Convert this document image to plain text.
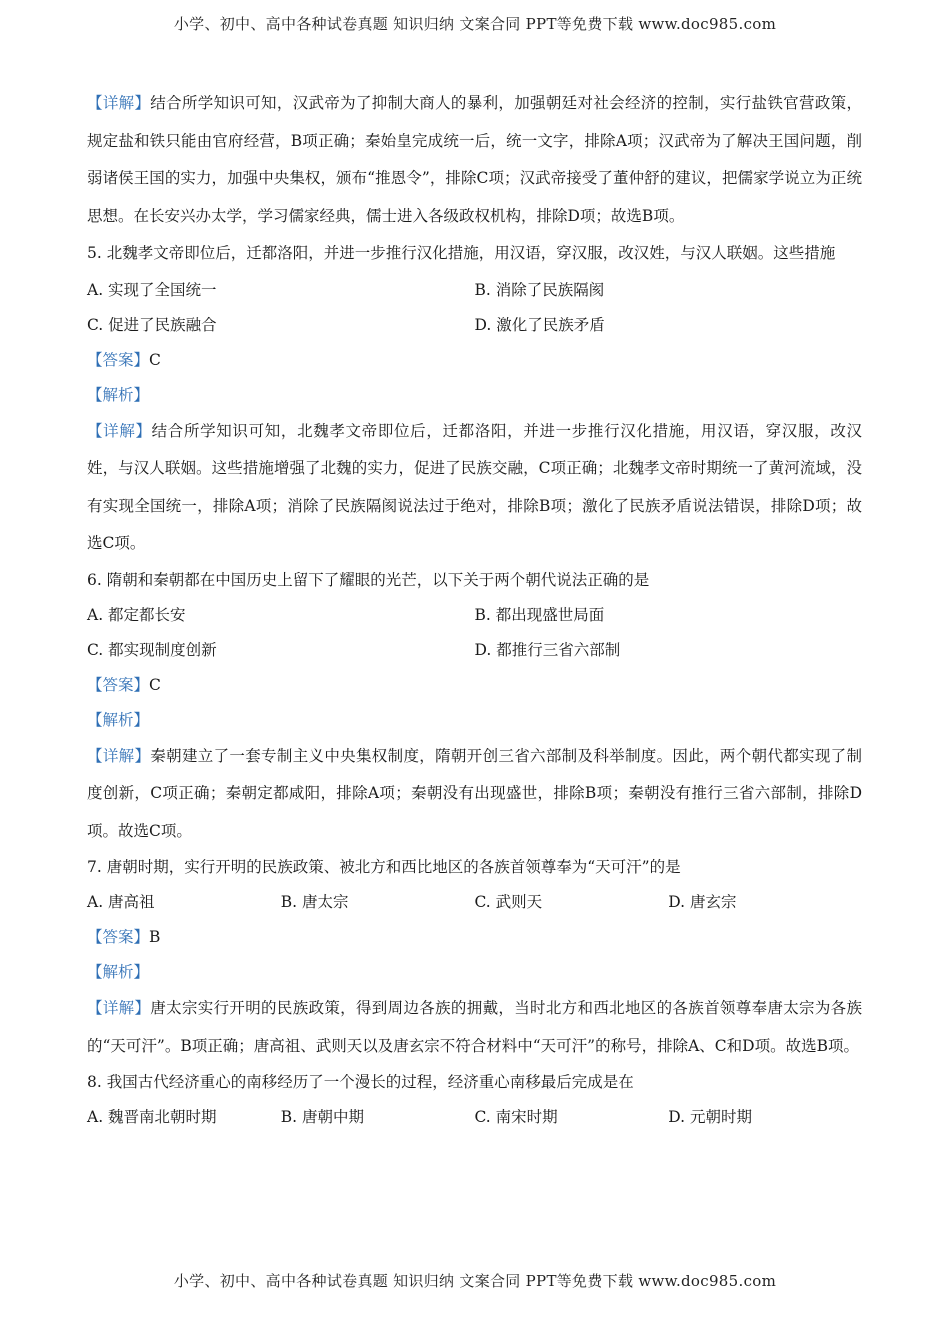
小学、初中、高中各种试卷真题 知识归纳 文案合同 PPT等免费下载 www.doc985.com
【详解】结合所学知识可知，汉武帝为了抑制大商人的暴利，加强朝廷对社会经济的控制，实行盐铁官营政策，规定盐和铁只能由官府经营，B项正确；秦始皇完成统一后，统一文字，排除A项；汉武帝为了解决王国问题，削弱诸侯王国的实力，加强中央集权，颁布“推恩令”，排除C项；汉武帝接受了董仲舒的建议，把儒家学说立为正统思想。在长安兴办太学，学习儒家经典，儒士进入各级政权机构，排除D项；故选B项。
5. 北魏孝文帝即位后，迁都洛阳，并进一步推行汉化措施，用汉语，穿汉服，改汉姓，与汉人联姻。这些措施
A. 实现了全国统一	B. 消除了民族隔阂
C. 促进了民族融合	D. 激化了民族矛盾
【答案】C
【解析】
【详解】结合所学知识可知，北魏孝文帝即位后，迁都洛阳，并进一步推行汉化措施，用汉语，穿汉服，改汉姓，与汉人联姻。这些措施增强了北魏的实力，促进了民族交融，C项正确；北魏孝文帝时期统一了黄河流域，没有实现全国统一，排除A项；消除了民族隔阂说法过于绝对，排除B项；激化了民族矛盾说法错误，排除D项；故选C项。
6. 隋朝和秦朝都在中国历史上留下了耀眼的光芒，以下关于两个朝代说法正确的是
A. 都定都长安	B. 都出现盛世局面
C. 都实现制度创新	D. 都推行三省六部制
【答案】C
【解析】
【详解】秦朝建立了一套专制主义中央集权制度，隋朝开创三省六部制及科举制度。因此，两个朝代都实现了制度创新，C项正确；秦朝定都咸阳，排除A项；秦朝没有出现盛世，排除B项；秦朝没有推行三省六部制，排除D项。故选C项。
7. 唐朝时期，实行开明的民族政策、被北方和西比地区的各族首领尊奉为“天可汗”的是
A. 唐高祖	B. 唐太宗	C. 武则天	D. 唐玄宗
【答案】B
【解析】
【详解】唐太宗实行开明的民族政策，得到周边各族的拥戴，当时北方和西北地区的各族首领尊奉唐太宗为各族的“天可汗”。B项正确；唐高祖、武则天以及唐玄宗不符合材料中“天可汗”的称号，排除A、C和D项。故选B项。
8. 我国古代经济重心的南移经历了一个漫长的过程，经济重心南移最后完成是在
A. 魏晋南北朝时期	B. 唐朝中期	C. 南宋时期	D. 元朝时期
小学、初中、高中各种试卷真题 知识归纳 文案合同 PPT等免费下载 www.doc985.com
